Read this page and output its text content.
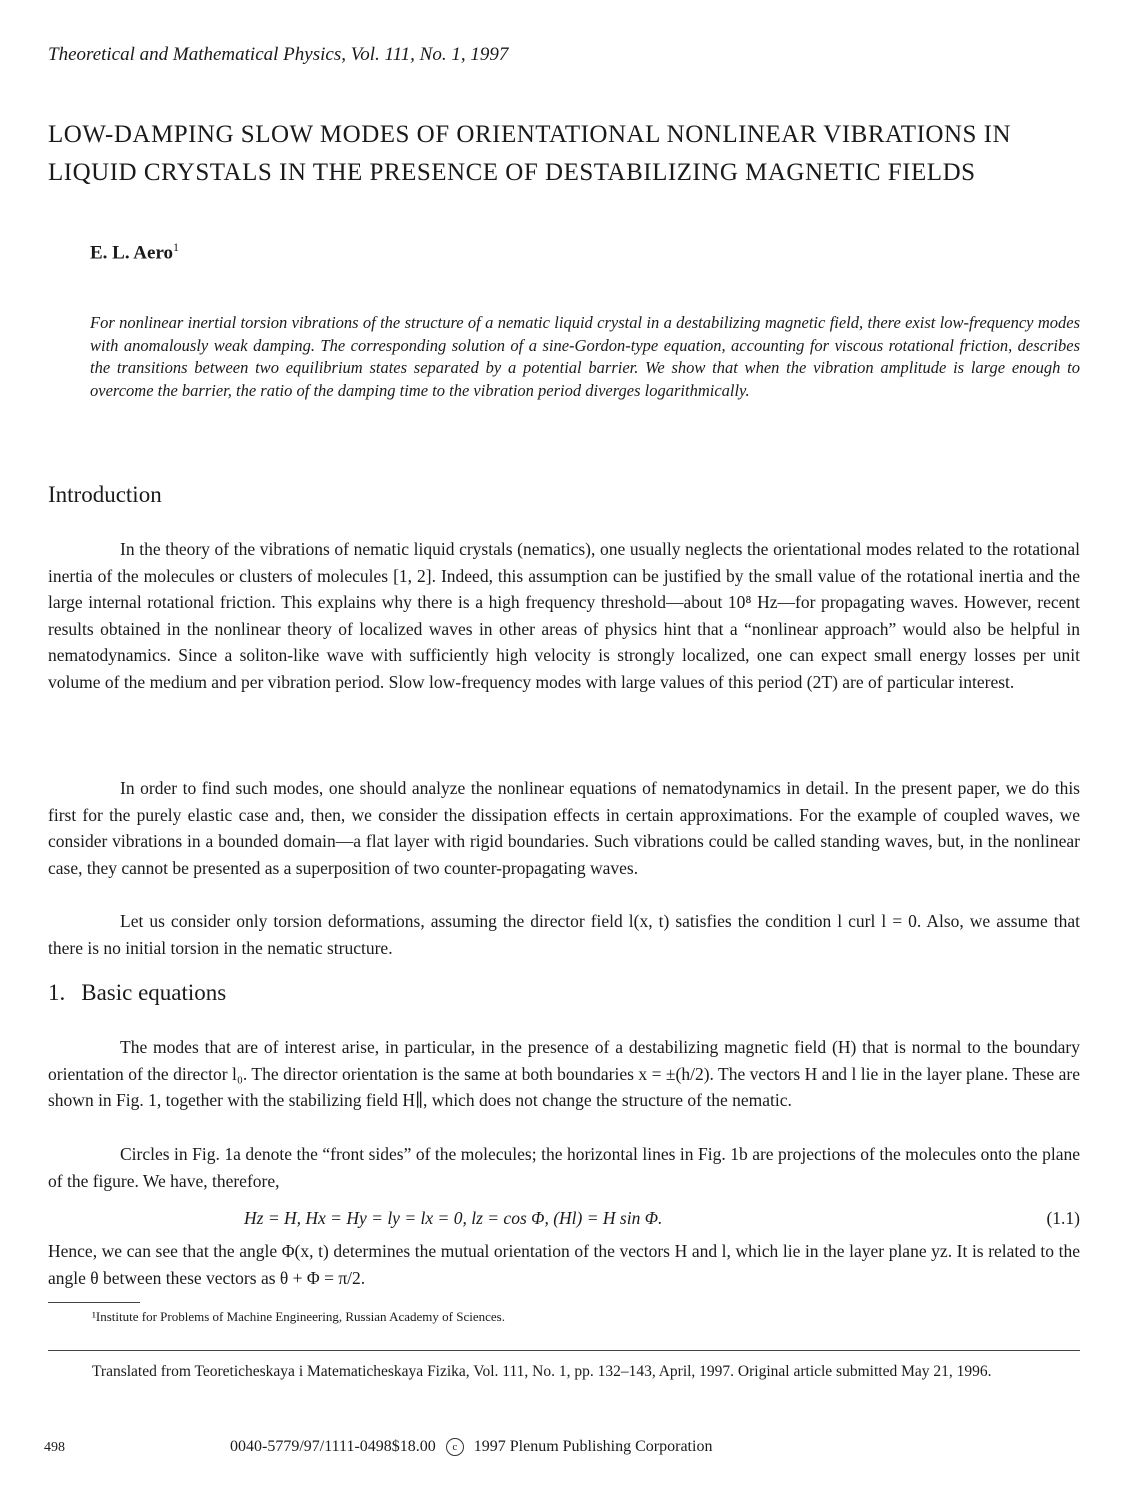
Theoretical and Mathematical Physics, Vol. 111, No. 1, 1997
LOW-DAMPING SLOW MODES OF ORIENTATIONAL NONLINEAR VIBRATIONS IN LIQUID CRYSTALS IN THE PRESENCE OF DESTABILIZING MAGNETIC FIELDS
E. L. Aero$^1$
For nonlinear inertial torsion vibrations of the structure of a nematic liquid crystal in a destabilizing magnetic field, there exist low-frequency modes with anomalously weak damping. The corresponding solution of a sine-Gordon-type equation, accounting for viscous rotational friction, describes the transitions between two equilibrium states separated by a potential barrier. We show that when the vibration amplitude is large enough to overcome the barrier, the ratio of the damping time to the vibration period diverges logarithmically.
Introduction
In the theory of the vibrations of nematic liquid crystals (nematics), one usually neglects the orientational modes related to the rotational inertia of the molecules or clusters of molecules [1, 2]. Indeed, this assumption can be justified by the small value of the rotational inertia and the large internal rotational friction. This explains why there is a high frequency threshold—about 10⁸ Hz—for propagating waves. However, recent results obtained in the nonlinear theory of localized waves in other areas of physics hint that a “nonlinear approach” would also be helpful in nematodynamics. Since a soliton-like wave with sufficiently high velocity is strongly localized, one can expect small energy losses per unit volume of the medium and per vibration period. Slow low-frequency modes with large values of this period (2T) are of particular interest.
In order to find such modes, one should analyze the nonlinear equations of nematodynamics in detail. In the present paper, we do this first for the purely elastic case and, then, we consider the dissipation effects in certain approximations. For the example of coupled waves, we consider vibrations in a bounded domain—a flat layer with rigid boundaries. Such vibrations could be called standing waves, but, in the nonlinear case, they cannot be presented as a superposition of two counter-propagating waves.
Let us consider only torsion deformations, assuming the director field l(x, t) satisfies the condition l curl l = 0. Also, we assume that there is no initial torsion in the nematic structure.
1. Basic equations
The modes that are of interest arise, in particular, in the presence of a destabilizing magnetic field (H) that is normal to the boundary orientation of the director l₀. The director orientation is the same at both boundaries x = ±(h/2). The vectors H and l lie in the layer plane. These are shown in Fig. 1, together with the stabilizing field H∥, which does not change the structure of the nematic.
Circles in Fig. 1a denote the “front sides” of the molecules; the horizontal lines in Fig. 1b are projections of the molecules onto the plane of the figure. We have, therefore,
Hz = H, Hx = Hy = ly = lx = 0, lz = cos Φ, (Hl) = H sin Φ.	(1.1)
Hence, we can see that the angle Φ(x, t) determines the mutual orientation of the vectors H and l, which lie in the layer plane yz. It is related to the angle θ between these vectors as θ + Φ = π/2.
¹Institute for Problems of Machine Engineering, Russian Academy of Sciences.
Translated from Teoreticheskaya i Matematicheskaya Fizika, Vol. 111, No. 1, pp. 132–143, April, 1997. Original article submitted May 21, 1996.
498	0040-5779/97/1111-0498$18.00 c 1997 Plenum Publishing Corporation
